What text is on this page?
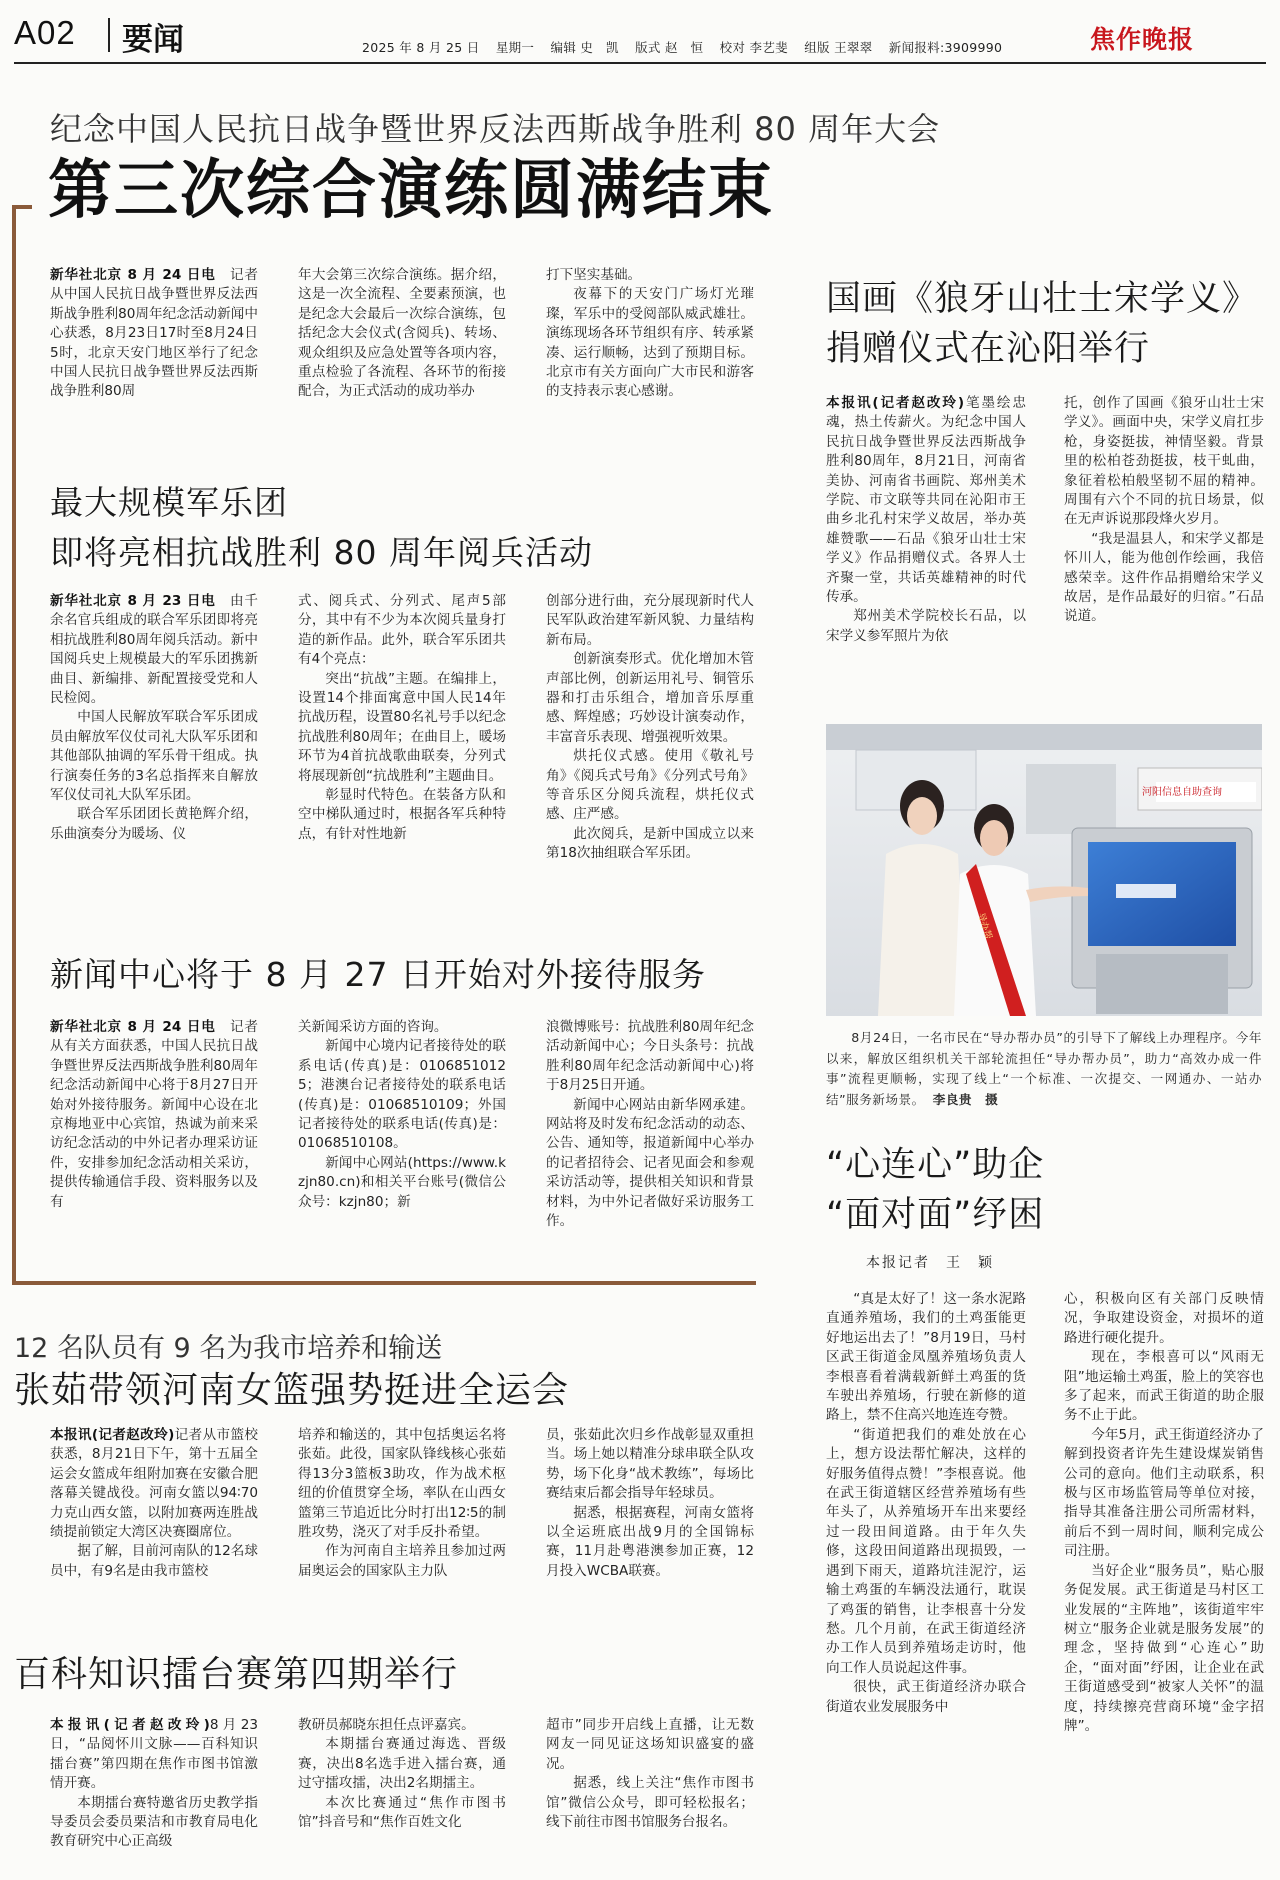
A02 要闻	2025 年 8 月 25 日 星期一 编辑 史　凯 版式 赵　恒 校对 李艺斐 组版 王翠翠 新闻报料:3909990	焦作晚报
纪念中国人民抗日战争暨世界反法西斯战争胜利 80 周年大会
第三次综合演练圆满结束

新华社北京 8 月 24 日电　 记者从中国人民抗日战争暨世界反法西斯战争胜利80周年纪念活动新闻中心获悉，8月23日17时至8月24日5时，北京天安门地区举行了纪念中国人民抗日战争暨世界反法西斯战争胜利80周

年大会第三次综合演练。据介绍，这是一次全流程、全要素预演，也是纪念大会最后一次综合演练，包括纪念大会仪式(含阅兵)、转场、观众组织及应急处置等各项内容，重点检验了各流程、各环节的衔接配合，为正式活动的成功举办

打下坚实基础。

夜幕下的天安门广场灯光璀璨，军乐中的受阅部队威武雄壮。演练现场各环节组织有序、转承紧凑、运行顺畅，达到了预期目标。北京市有关方面向广大市民和游客的支持表示衷心感谢。

最大规模军乐团
即将亮相抗战胜利 80 周年阅兵活动

新华社北京 8 月 23 日电　 由千余名官兵组成的联合军乐团即将亮相抗战胜利80周年阅兵活动。新中国阅兵史上规模最大的军乐团携新曲目、新编排、新配置接受党和人民检阅。

中国人民解放军联合军乐团成员由解放军仪仗司礼大队军乐团和其他部队抽调的军乐骨干组成。执行演奏任务的3名总指挥来自解放军仪仗司礼大队军乐团。

联合军乐团团长黄艳辉介绍，乐曲演奏分为暖场、仪

式、阅兵式、分列式、尾声5部分，其中有不少为本次阅兵量身打造的新作品。此外，联合军乐团共有4个亮点：

突出“抗战”主题。在编排上，设置14个排面寓意中国人民14年抗战历程，设置80名礼号手以纪念抗战胜利80周年；在曲目上，暖场环节为4首抗战歌曲联奏，分列式将展现新创“抗战胜利”主题曲目。

彰显时代特色。在装备方队和空中梯队通过时，根据各军兵种特点，有针对性地新

创部分进行曲，充分展现新时代人民军队政治建军新风貌、力量结构新布局。

创新演奏形式。优化增加木管声部比例，创新运用礼号、铜管乐器和打击乐组合，增加音乐厚重感、辉煌感；巧妙设计演奏动作，丰富音乐表现、增强视听效果。

烘托仪式感。使用《敬礼号角》《阅兵式号角》《分列式号角》等音乐区分阅兵流程，烘托仪式感、庄严感。

此次阅兵，是新中国成立以来第18次抽组联合军乐团。

新闻中心将于 8 月 27 日开始对外接待服务

新华社北京 8 月 24 日电　 记者从有关方面获悉，中国人民抗日战争暨世界反法西斯战争胜利80周年纪念活动新闻中心将于8月27日开始对外接待服务。新闻中心设在北京梅地亚中心宾馆，热诚为前来采访纪念活动的中外记者办理采访证件，安排参加纪念活动相关采访，提供传输通信手段、资料服务以及有

关新闻采访方面的咨询。

新闻中心境内记者接待处的联系电话(传真)是：01068510125；港澳台记者接待处的联系电话(传真)是：01068510109；外国记者接待处的联系电话(传真)是：01068510108。

新闻中心网站(https://www.kzjn80.cn)和相关平台账号(微信公众号：kzjn80；新

浪微博账号：抗战胜利80周年纪念活动新闻中心；今日头条号：抗战胜利80周年纪念活动新闻中心)将于8月25日开通。

新闻中心网站由新华网承建。网站将及时发布纪念活动的动态、公告、通知等，报道新闻中心举办的记者招待会、记者见面会和参观采访活动等，提供相关知识和背景材料，为中外记者做好采访服务工作。

国画《狼牙山壮士宋学义》
捐赠仪式在沁阳举行

本报讯(记者赵改玲)笔墨绘忠魂，热土传薪火。为纪念中国人民抗日战争暨世界反法西斯战争胜利80周年，8月21日，河南省美协、河南省书画院、郑州美术学院、市文联等共同在沁阳市王曲乡北孔村宋学义故居，举办英雄赞歌——石品《狼牙山壮士宋学义》作品捐赠仪式。各界人士齐聚一堂，共话英雄精神的时代传承。

郑州美术学院校长石品，以宋学义参军照片为依

托，创作了国画《狼牙山壮士宋学义》。画面中央，宋学义肩扛步枪，身姿挺拔，神情坚毅。背景里的松柏苍劲挺拔，枝干虬曲，象征着松柏般坚韧不屈的精神。周围有六个不同的抗日场景，似在无声诉说那段烽火岁月。

“我是温县人，和宋学义都是怀川人，能为他创作绘画，我倍感荣幸。这件作品捐赠给宋学义故居，是作品最好的归宿。”石品说道。

河阳信息自助查询
导办帮
8月24日，一名市民在“导办帮办员”的引导下了解线上办理程序。今年以来，解放区组织机关干部轮流担任“导办帮办员”，助力“高效办成一件事”流程更顺畅，实现了线上“一个标准、一次提交、一网通办、一站办结”服务新场景。 李良贵　摄
“心连心”助企
“面对面”纾困
本报记者　王　颖

“真是太好了！这一条水泥路直通养殖场，我们的土鸡蛋能更好地运出去了！”8月19日，马村区武王街道金凤凰养殖场负责人李根喜看着满载新鲜土鸡蛋的货车驶出养殖场，行驶在新修的道路上，禁不住高兴地连连夸赞。

“街道把我们的难处放在心上，想方设法帮忙解决，这样的好服务值得点赞！”李根喜说。他在武王街道辖区经营养殖场有些年头了，从养殖场开车出来要经过一段田间道路。由于年久失修，这段田间道路出现损毁，一遇到下雨天，道路坑洼泥泞，运输土鸡蛋的车辆没法通行，耽误了鸡蛋的销售，让李根喜十分发愁。几个月前，在武王街道经济办工作人员到养殖场走访时，他向工作人员说起这件事。

很快，武王街道经济办联合街道农业发展服务中

心，积极向区有关部门反映情况，争取建设资金，对损坏的道路进行硬化提升。

现在，李根喜可以“风雨无阻”地运输土鸡蛋，脸上的笑容也多了起来，而武王街道的助企服务不止于此。

今年5月，武王街道经济办了解到投资者许先生建设煤炭销售公司的意向。他们主动联系，积极与区市场监管局等单位对接，指导其准备注册公司所需材料，前后不到一周时间，顺利完成公司注册。

当好企业“服务员”，贴心服务促发展。武王街道是马村区工业发展的“主阵地”，该街道牢牢树立“服务企业就是服务发展”的理念，坚持做到“心连心”助企，“面对面”纾困，让企业在武王街道感受到“被家人关怀”的温度，持续擦亮营商环境“金字招牌”。

12 名队员有 9 名为我市培养和输送
张茹带领河南女篮强势挺进全运会

本报讯(记者赵改玲)记者从市篮校获悉，8月21日下午，第十五届全运会女篮成年组附加赛在安徽合肥落幕关键战役。河南女篮以94∶70力克山西女篮，以附加赛两连胜战绩提前锁定大湾区决赛圈席位。

据了解，目前河南队的12名球员中，有9名是由我市篮校

培养和输送的，其中包括奥运名将张茹。此役，国家队锋线核心张茹得13分3篮板3助攻，作为战术枢纽的价值贯穿全场，率队在山西女篮第三节追近比分时打出12∶5的制胜攻势，浇灭了对手反扑希望。

作为河南自主培养且参加过两届奥运会的国家队主力队

员，张茹此次归乡作战彰显双重担当。场上她以精准分球串联全队攻势，场下化身“战术教练”，每场比赛结束后都会指导年轻球员。

据悉，根据赛程，河南女篮将以全运班底出战9月的全国锦标赛，11月赴粤港澳参加正赛，12月投入WCBA联赛。

百科知识擂台赛第四期举行

本报讯(记者赵改玲)8月23日，“品阅怀川文脉——百科知识擂台赛”第四期在焦作市图书馆激情开赛。

本期擂台赛特邀省历史教学指导委员会委员栗洁和市教育局电化教育研究中心正高级

教研员郝晓东担任点评嘉宾。

本期擂台赛通过海选、晋级赛，决出8名选手进入擂台赛，通过守擂攻擂，决出2名期擂主。

本次比赛通过“焦作市图书馆”抖音号和“焦作百姓文化

超市”同步开启线上直播，让无数网友一同见证这场知识盛宴的盛况。

据悉，线上关注“焦作市图书馆”微信公众号，即可轻松报名；线下前往市图书馆服务台报名。
